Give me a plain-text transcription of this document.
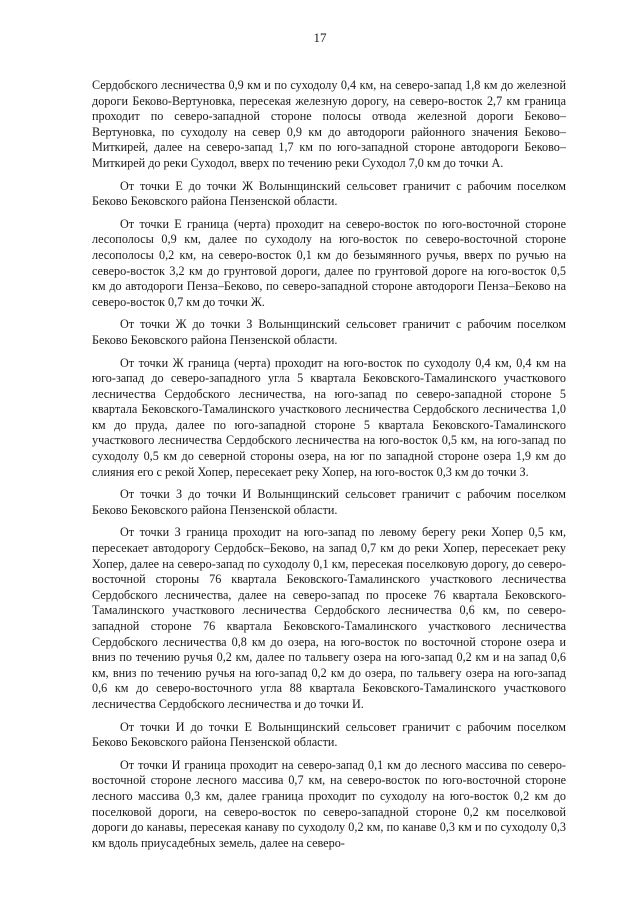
17

Сердобского лесничества 0,9 км и по суходолу 0,4 км, на северо-запад 1,8 км до железной дороги Беково-Вертуновка, пересекая железную дорогу, на северо-восток 2,7 км граница проходит по северо-западной стороне полосы отвода железной дороги Беково–Вертуновка, по суходолу на север 0,9 км до автодороги районного значения Беково–Миткирей, далее на северо-запад 1,7 км по юго-западной стороне автодороги Беково–Миткирей до реки Суходол, вверх по течению реки Суходол 7,0 км до точки А.

От точки Е до точки Ж Волынщинский сельсовет граничит с рабочим поселком Беково Бековского района Пензенской области.

От точки Е граница (черта) проходит на северо-восток по юго-восточной стороне лесополосы 0,9 км, далее по суходолу на юго-восток по северо-восточной стороне лесополосы 0,2 км, на северо-восток 0,1 км до безымянного ручья, вверх по ручью на северо-восток 3,2 км до грунтовой дороги, далее по грунтовой дороге на юго-восток 0,5 км до автодороги Пенза–Беково, по северо-западной стороне автодороги Пенза–Беково на северо-восток 0,7 км до точки Ж.

От точки Ж до точки З Волынщинский сельсовет граничит с рабочим поселком Беково Бековского района Пензенской области.

От точки Ж граница (черта) проходит на юго-восток по суходолу 0,4 км, 0,4 км на юго-запад до северо-западного угла 5 квартала Бековского-Тамалинского участкового лесничества Сердобского лесничества, на юго-запад по северо-западной стороне 5 квартала Бековского-Тамалинского участкового лесничества Сердобского лесничества 1,0 км до пруда, далее по юго-западной стороне 5 квартала Бековского-Тамалинского участкового лесничества Сердобского лесничества на юго-восток 0,5 км, на юго-запад по суходолу 0,5 км до северной стороны озера, на юг по западной стороне озера 1,9 км до слияния его с рекой Хопер, пересекает реку Хопер, на юго-восток 0,3 км до точки З.

От точки З до точки И Волынщинский сельсовет граничит с рабочим поселком Беково Бековского района Пензенской области.

От точки З граница проходит на юго-запад по левому берегу реки Хопер 0,5 км, пересекает автодорогу Сердобск–Беково, на запад 0,7 км до реки Хопер, пересекает реку Хопер, далее на северо-запад по суходолу 0,1 км, пересекая поселковую дорогу, до северо-восточной стороны 76 квартала Бековского-Тамалинского участкового лесничества Сердобского лесничества, далее на северо-запад по просеке 76 квартала Бековского-Тамалинского участкового лесничества Сердобского лесничества 0,6 км, по северо-западной стороне 76 квартала Бековского-Тамалинского участкового лесничества Сердобского лесничества 0,8 км до озера, на юго-восток по восточной стороне озера и вниз по течению ручья 0,2 км, далее по тальвегу озера на юго-запад 0,2 км и на запад 0,6 км, вниз по течению ручья на юго-запад 0,2 км до озера, по тальвегу озера на юго-запад 0,6 км до северо-восточного угла 88 квартала Бековского-Тамалинского участкового лесничества Сердобского лесничества и до точки И.

От точки И до точки Е Волынщинский сельсовет граничит с рабочим поселком Беково Бековского района Пензенской области.

От точки И граница проходит на северо-запад 0,1 км до лесного массива по северо-восточной стороне лесного массива 0,7 км, на северо-восток по юго-восточной стороне лесного массива 0,3 км, далее граница проходит по суходолу на юго-восток 0,2 км до поселковой дороги, на северо-восток по северо-западной стороне 0,2 км поселковой дороги до канавы, пересекая канаву по суходолу 0,2 км, по канаве 0,3 км и по суходолу 0,3 км вдоль приусадебных земель, далее на северо-
